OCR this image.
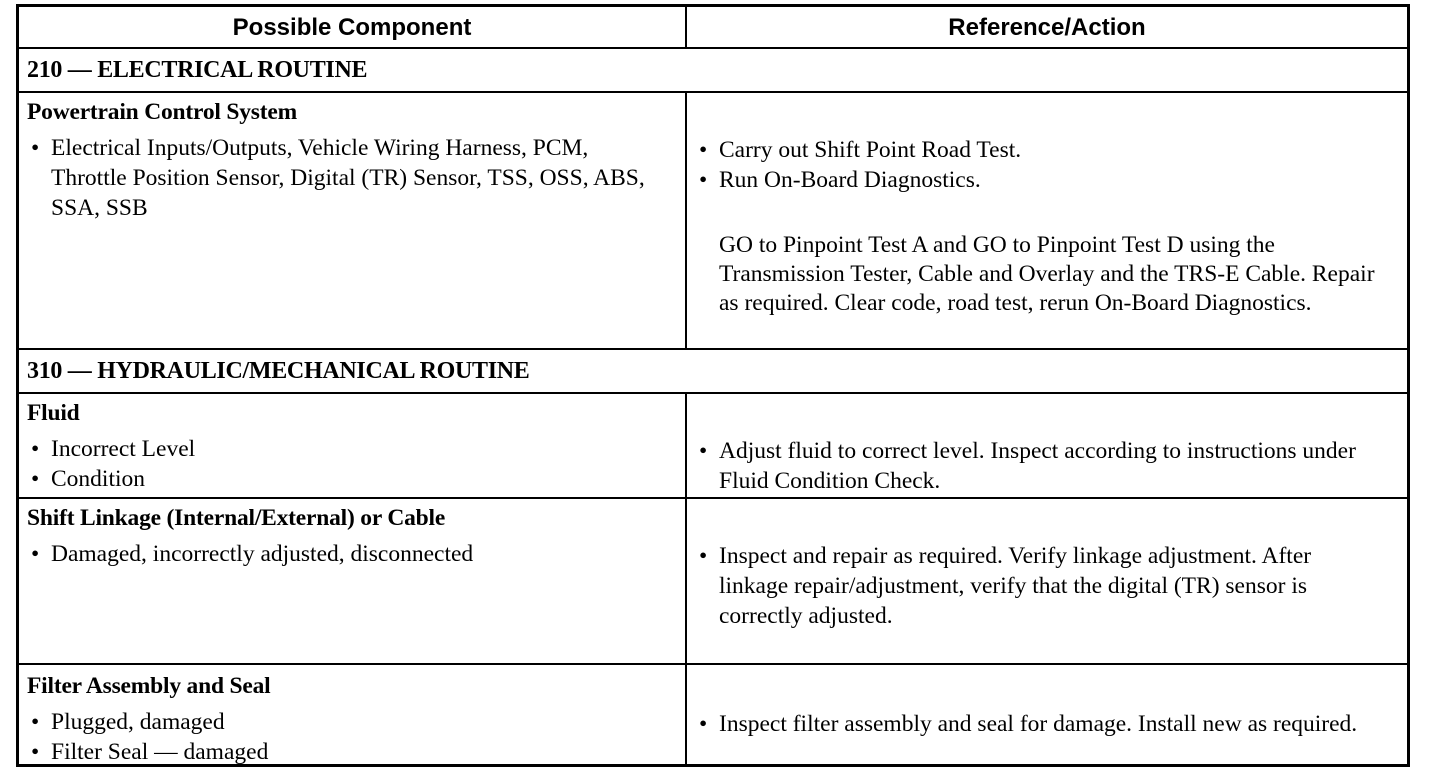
Possible Component	Reference/Action
210 — ELECTRICAL ROUTINE
Powertrain Control System
• Electrical Inputs/Outputs, Vehicle Wiring Harness, PCM, Throttle Position Sensor, Digital (TR) Sensor, TSS, OSS, ABS, SSA, SSB
• Carry out Shift Point Road Test.
• Run On-Board Diagnostics.
GO to Pinpoint Test A and GO to Pinpoint Test D using the Transmission Tester, Cable and Overlay and the TRS-E Cable. Repair as required. Clear code, road test, rerun On-Board Diagnostics.
310 — HYDRAULIC/MECHANICAL ROUTINE
Fluid
• Incorrect Level
• Condition
• Adjust fluid to correct level. Inspect according to instructions under Fluid Condition Check.
Shift Linkage (Internal/External) or Cable
• Damaged, incorrectly adjusted, disconnected
•	Inspect and repair as required. Verify linkage adjustment. After linkage repair/adjustment, verify that the digital (TR) sensor is correctly adjusted.
Filter Assembly and Seal
• Plugged, damaged
• Filter Seal — damaged
• Inspect filter assembly and seal for damage. Install new as required.
